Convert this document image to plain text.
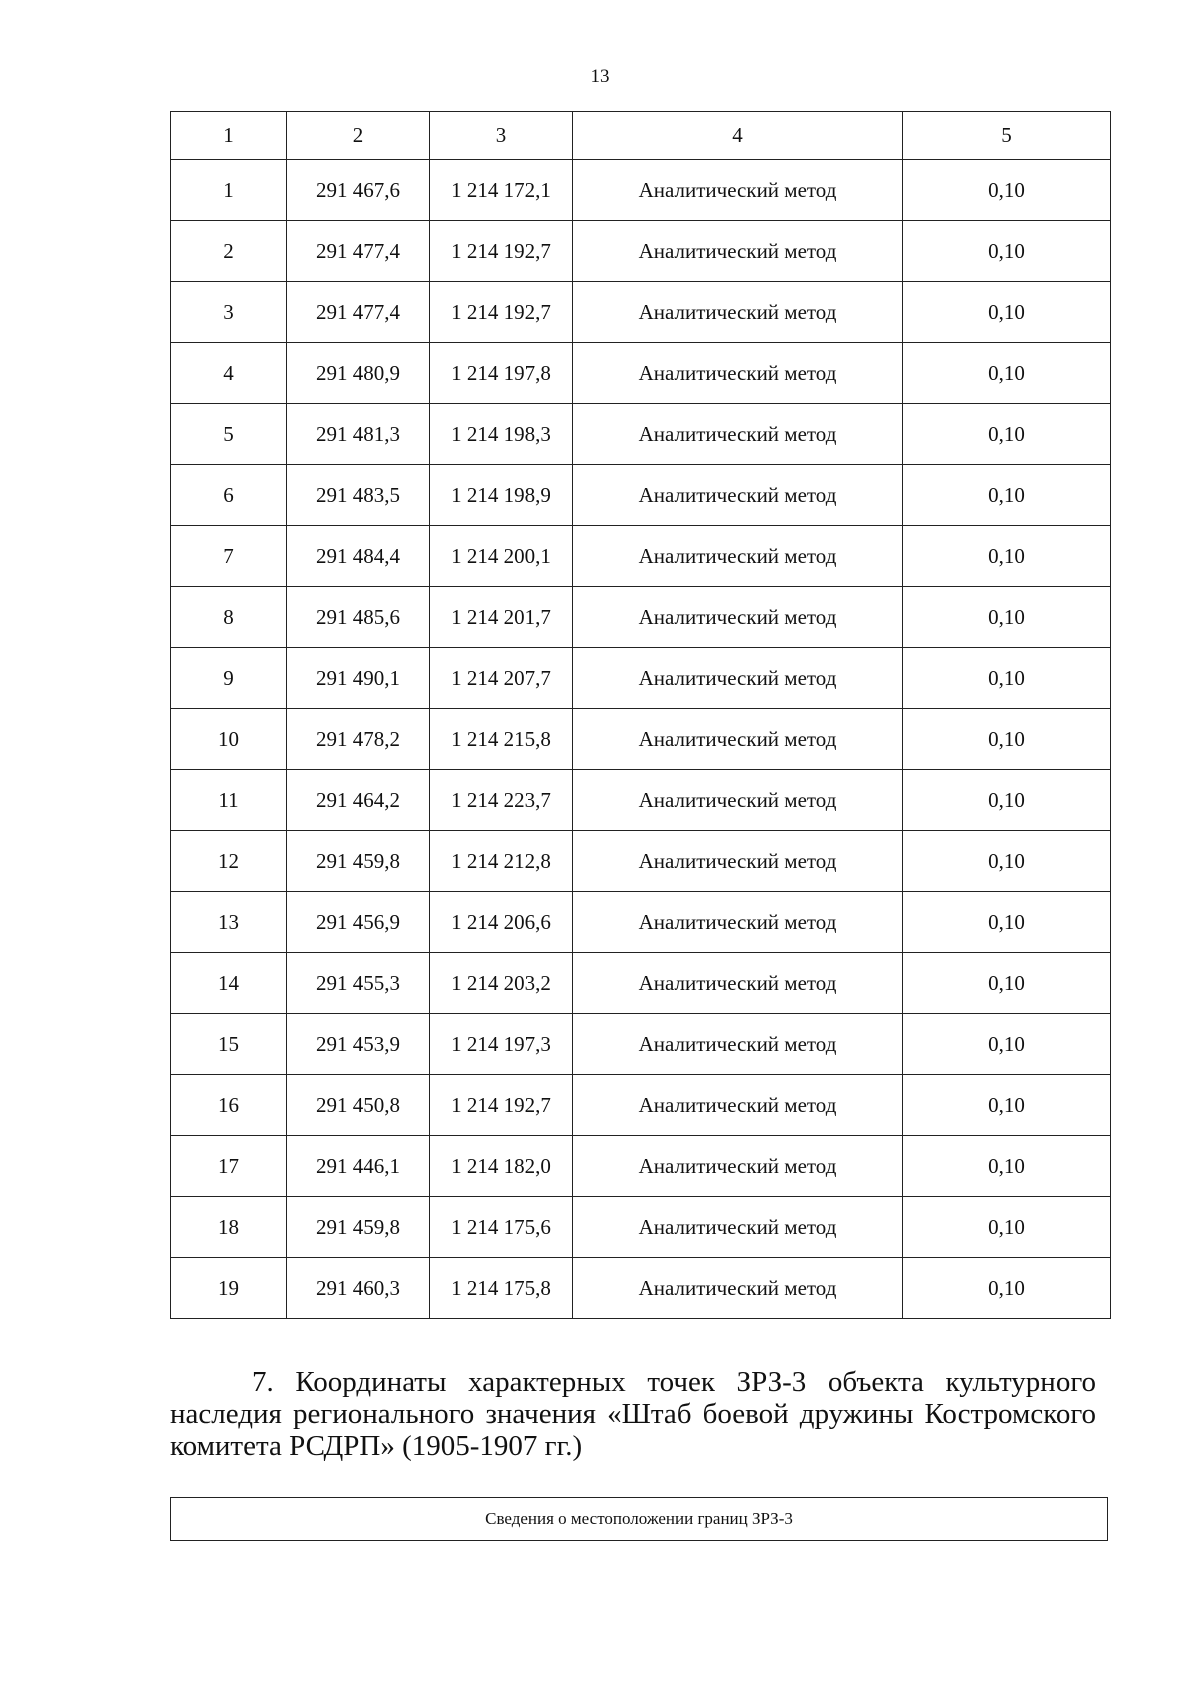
13
1	2	3	4	5
1	291 467,6	1 214 172,1	Аналитический метод	0,10
2	291 477,4	1 214 192,7	Аналитический метод	0,10
3	291 477,4	1 214 192,7	Аналитический метод	0,10
4	291 480,9	1 214 197,8	Аналитический метод	0,10
5	291 481,3	1 214 198,3	Аналитический метод	0,10
6	291 483,5	1 214 198,9	Аналитический метод	0,10
7	291 484,4	1 214 200,1	Аналитический метод	0,10
8	291 485,6	1 214 201,7	Аналитический метод	0,10
9	291 490,1	1 214 207,7	Аналитический метод	0,10
10	291 478,2	1 214 215,8	Аналитический метод	0,10
11	291 464,2	1 214 223,7	Аналитический метод	0,10
12	291 459,8	1 214 212,8	Аналитический метод	0,10
13	291 456,9	1 214 206,6	Аналитический метод	0,10
14	291 455,3	1 214 203,2	Аналитический метод	0,10
15	291 453,9	1 214 197,3	Аналитический метод	0,10
16	291 450,8	1 214 192,7	Аналитический метод	0,10
17	291 446,1	1 214 182,0	Аналитический метод	0,10
18	291 459,8	1 214 175,6	Аналитический метод	0,10
19	291 460,3	1 214 175,8	Аналитический метод	0,10
7. Координаты характерных точек ЗРЗ-3 объекта культурного
наследия регионального значения «Штаб боевой дружины Костромского
комитета РСДРП» (1905-1907 гг.)
Сведения о местоположении границ ЗРЗ-3
